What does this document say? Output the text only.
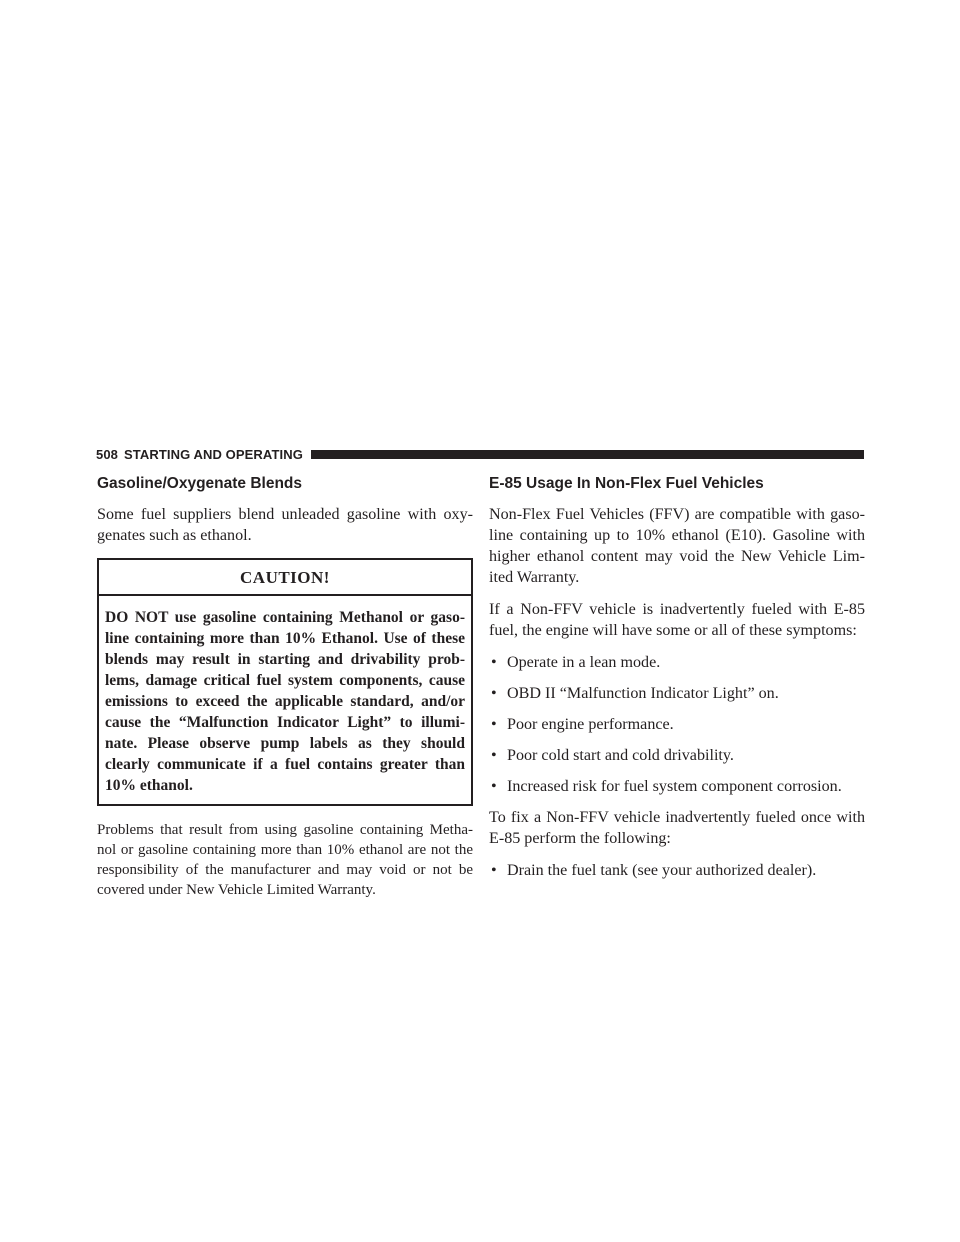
508 STARTING AND OPERATING
Gasoline/Oxygenate Blends

Some fuel suppliers blend unleaded gasoline with oxy-genates such as ethanol.

CAUTION!
DO NOT use gasoline containing Methanol or gaso-line containing more than 10% Ethanol. Use of these blends may result in starting and drivability prob-lems, damage critical fuel system components, cause emissions to exceed the applicable standard, and/or cause the “Malfunction Indicator Light” to illumi-nate. Please observe pump labels as they should clearly communicate if a fuel contains greater than 10% ethanol.

Problems that result from using gasoline containing Metha-nol or gasoline containing more than 10% ethanol are not the responsibility of the manufacturer and may void or not be covered under New Vehicle Limited Warranty.

E-85 Usage In Non-Flex Fuel Vehicles

Non-Flex Fuel Vehicles (FFV) are compatible with gaso-line containing up to 10% ethanol (E10). Gasoline with higher ethanol content may void the New Vehicle Lim-ited Warranty.

If a Non-FFV vehicle is inadvertently fueled with E-85 fuel, the engine will have some or all of these symptoms:

• Operate in a lean mode.
• OBD II “Malfunction Indicator Light” on.
• Poor engine performance.
• Poor cold start and cold drivability.
• Increased risk for fuel system component corrosion.

To fix a Non-FFV vehicle inadvertently fueled once with E-85 perform the following:

• Drain the fuel tank (see your authorized dealer).
